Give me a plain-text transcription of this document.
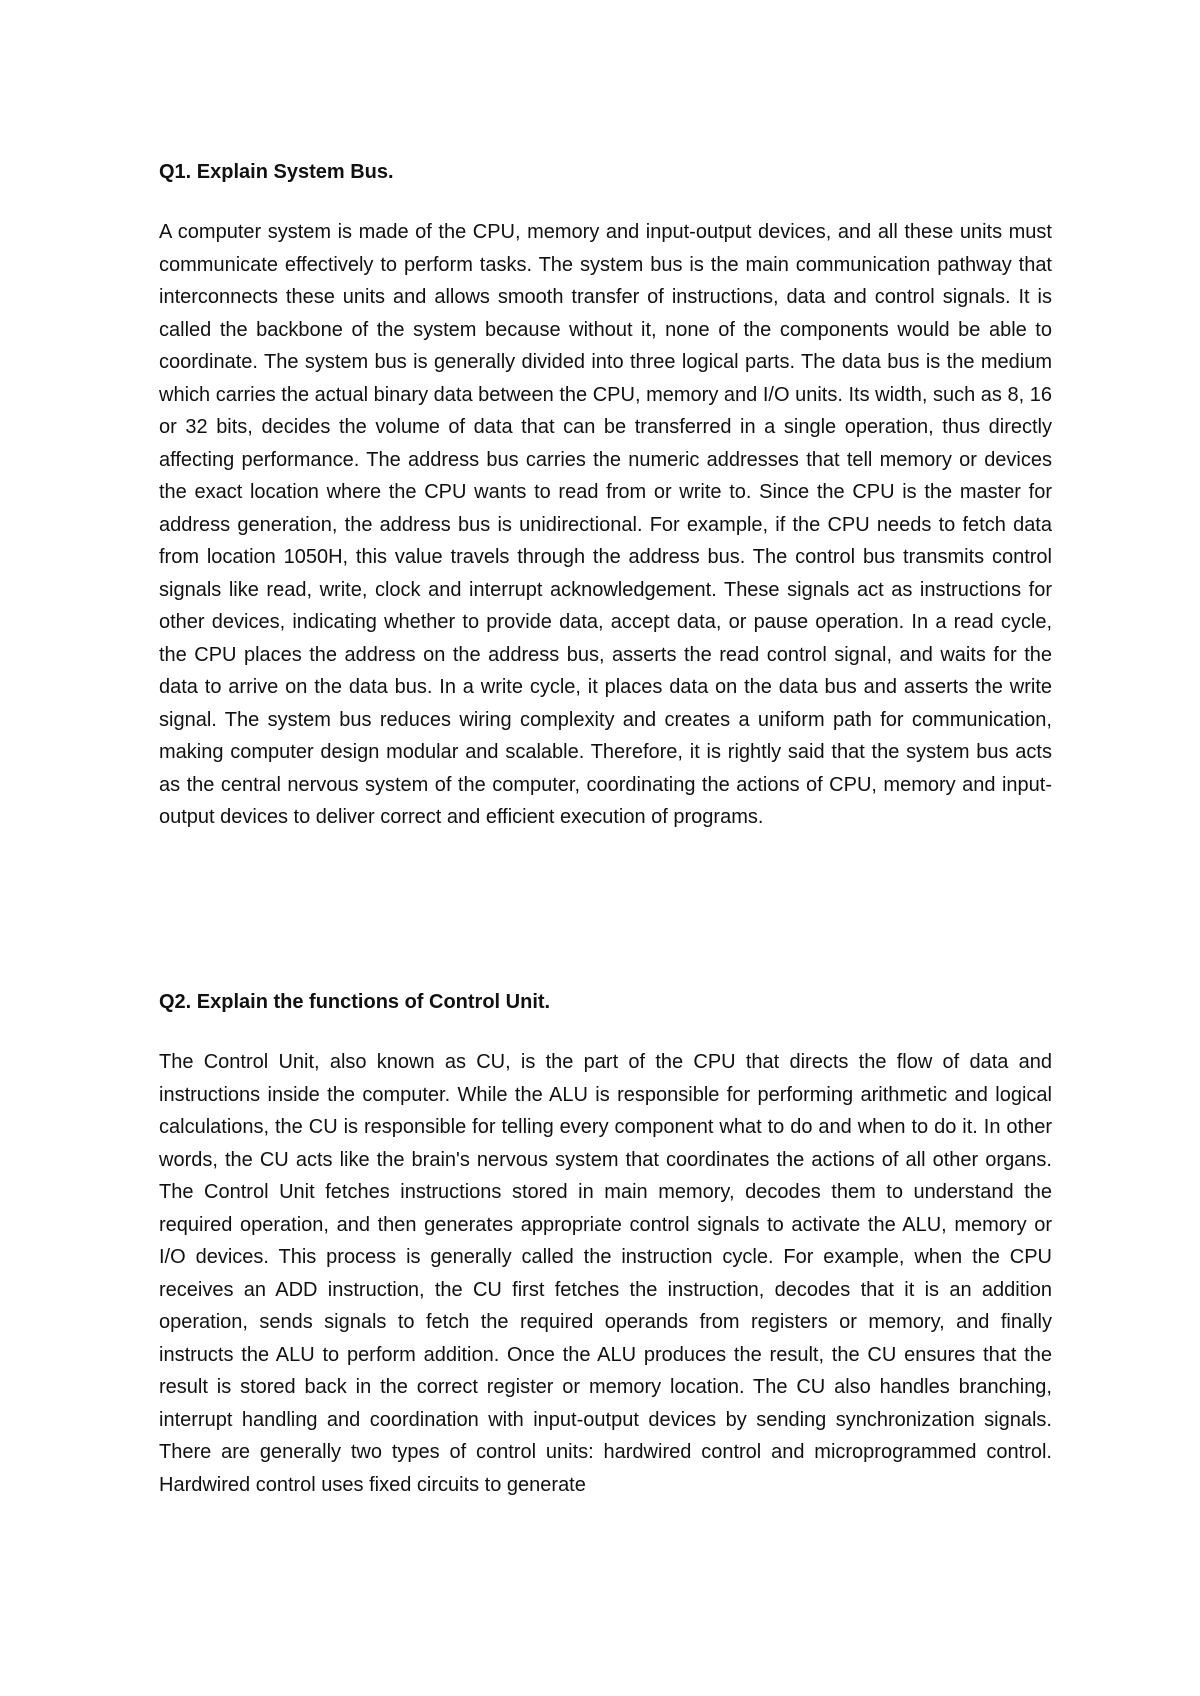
Q1. Explain System Bus.

A computer system is made of the CPU, memory and input-output devices, and all these units must communicate effectively to perform tasks. The system bus is the main communication pathway that interconnects these units and allows smooth transfer of instructions, data and control signals. It is called the backbone of the system because without it, none of the components would be able to coordinate. The system bus is generally divided into three logical parts. The data bus is the medium which carries the actual binary data between the CPU, memory and I/O units. Its width, such as 8, 16 or 32 bits, decides the volume of data that can be transferred in a single operation, thus directly affecting performance. The address bus carries the numeric addresses that tell memory or devices the exact location where the CPU wants to read from or write to. Since the CPU is the master for address generation, the address bus is unidirectional. For example, if the CPU needs to fetch data from location 1050H, this value travels through the address bus. The control bus transmits control signals like read, write, clock and interrupt acknowledgement. These signals act as instructions for other devices, indicating whether to provide data, accept data, or pause operation. In a read cycle, the CPU places the address on the address bus, asserts the read control signal, and waits for the data to arrive on the data bus. In a write cycle, it places data on the data bus and asserts the write signal. The system bus reduces wiring complexity and creates a uniform path for communication, making computer design modular and scalable. Therefore, it is rightly said that the system bus acts as the central nervous system of the computer, coordinating the actions of CPU, memory and input-output devices to deliver correct and efficient execution of programs.

Q2. Explain the functions of Control Unit.

The Control Unit, also known as CU, is the part of the CPU that directs the flow of data and instructions inside the computer. While the ALU is responsible for performing arithmetic and logical calculations, the CU is responsible for telling every component what to do and when to do it. In other words, the CU acts like the brain's nervous system that coordinates the actions of all other organs. The Control Unit fetches instructions stored in main memory, decodes them to understand the required operation, and then generates appropriate control signals to activate the ALU, memory or I/O devices. This process is generally called the instruction cycle. For example, when the CPU receives an ADD instruction, the CU first fetches the instruction, decodes that it is an addition operation, sends signals to fetch the required operands from registers or memory, and finally instructs the ALU to perform addition. Once the ALU produces the result, the CU ensures that the result is stored back in the correct register or memory location. The CU also handles branching, interrupt handling and coordination with input-output devices by sending synchronization signals. There are generally two types of control units: hardwired control and microprogrammed control. Hardwired control uses fixed circuits to generate
